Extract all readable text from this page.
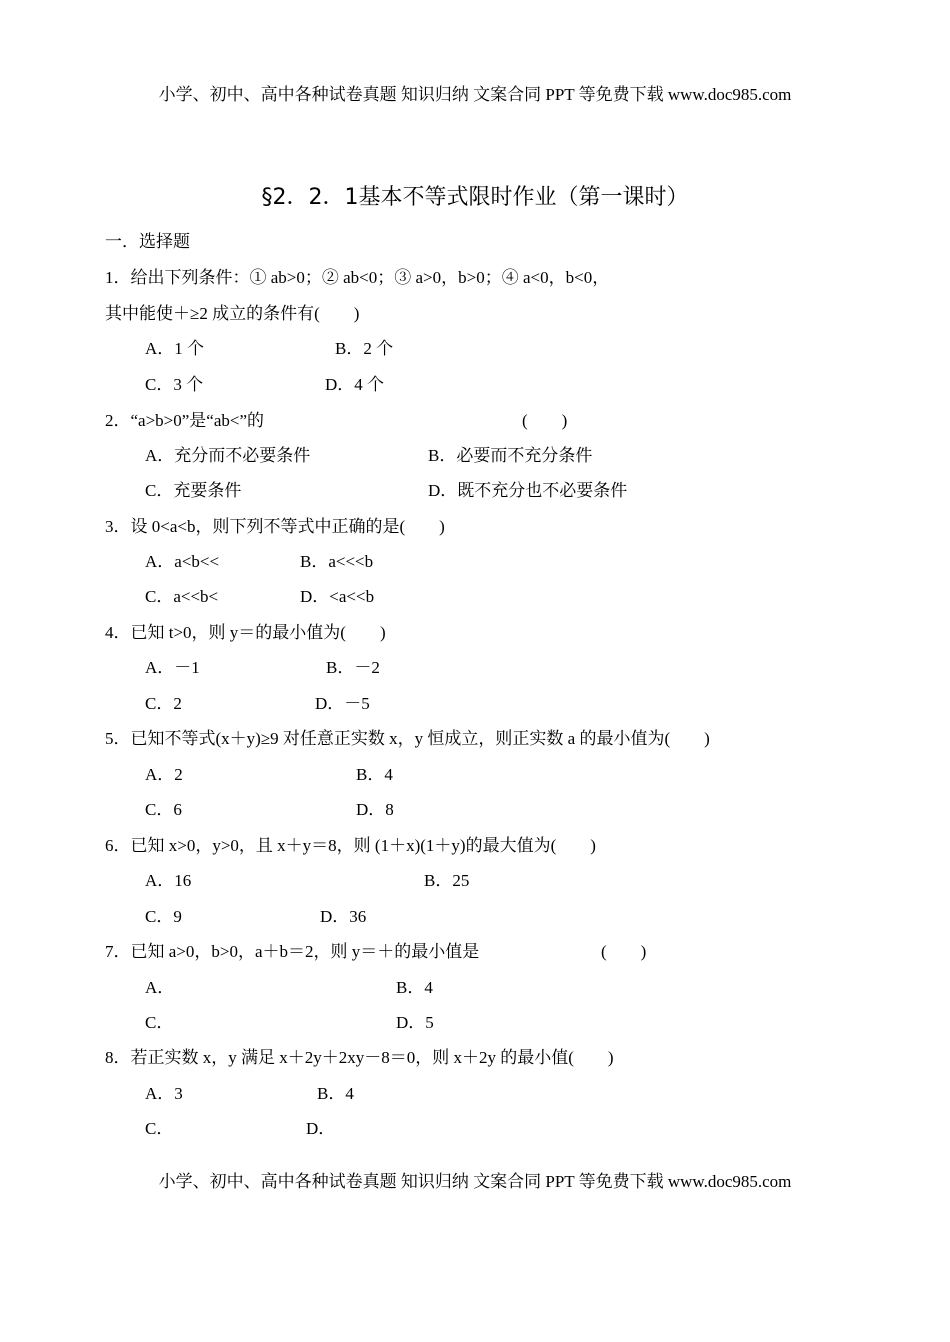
小学、初中、高中各种试卷真题 知识归纳 文案合同 PPT 等免费下载 www.doc985.com
§2．2．1基本不等式限时作业（第一课时）
一．选择题
1．给出下列条件：① ab>0；② ab<0；③ a>0，b>0；④ a<0，b<0，
其中能使＋≥2 成立的条件有(　　)
A．1 个	B．2 个
C．3 个	D．4 个
2．“a>b>0”是“ab<”的	(　　)
A．充分而不必要条件	B．必要而不充分条件
C．充要条件	D．既不充分也不必要条件
3．设 0<a<b，则下列不等式中正确的是(　　)
A．a<b<<	B．a<<<b
C．a<<b<	D．<a<<b
4．已知 t>0，则 y＝的最小值为(　　)
A．－1	B．－2
C．2	D．－5
5．已知不等式(x＋y)≥9 对任意正实数 x，y 恒成立，则正实数 a 的最小值为(　　)
A．2	B．4
C．6	D．8
6．已知 x>0，y>0，且 x＋y＝8，则 (1＋x)(1＋y)的最大值为(　　)
A．16	B．25
C．9	D．36
7．已知 a>0，b>0，a＋b＝2，则 y＝＋的最小值是	(　　)
A．	B．4
C．	D．5
8．若正实数 x，y 满足 x＋2y＋2xy－8＝0，则 x＋2y 的最小值(　　)
A．3	B．4
C．	D．
小学、初中、高中各种试卷真题 知识归纳 文案合同 PPT 等免费下载 www.doc985.com
